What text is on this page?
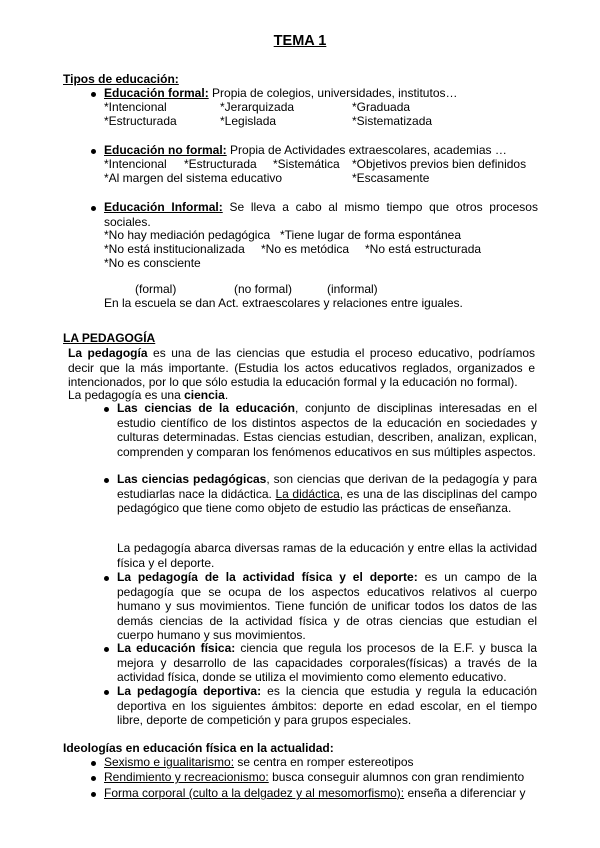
TEMA 1
Tipos de educación:
Educación formal: Propia de colegios, universidades, institutos…
*Intencional	*Jerarquizada	*Graduada
*Estructurada	*Legislada	*Sistematizada
Educación no formal: Propia de Actividades extraescolares, academias …
*Intencional *Estructurada *Sistemática *Objetivos previos bien definidos
*Al margen del sistema educativo	*Escasamente
Educación Informal: Se lleva a cabo al mismo tiempo que otros procesos sociales.
*No hay mediación pedagógica *Tiene lugar de forma espontánea
*No está institucionalizada *No es metódica *No está estructurada
*No es consciente
(formal)	(no formal)	(informal)
En la escuela se dan Act. extraescolares y relaciones entre iguales.
LA PEDAGOGÍA
La pedagogía es una de las ciencias que estudia el proceso educativo, podríamos decir que la más importante. (Estudia los actos educativos reglados, organizados e intencionados, por lo que sólo estudia la educación formal y la educación no formal).
La pedagogía es una ciencia.
Las ciencias de la educación, conjunto de disciplinas interesadas en el estudio científico de los distintos aspectos de la educación en sociedades y culturas determinadas. Estas ciencias estudian, describen, analizan, explican, comprenden y comparan los fenómenos educativos en sus múltiples aspectos.
Las ciencias pedagógicas, son ciencias que derivan de la pedagogía y para estudiarlas nace la didáctica. La didáctica, es una de las disciplinas del campo pedagógico que tiene como objeto de estudio las prácticas de enseñanza.
La pedagogía abarca diversas ramas de la educación y entre ellas la actividad física y el deporte.
La pedagogía de la actividad física y el deporte: es un campo de la pedagogía que se ocupa de los aspectos educativos relativos al cuerpo humano y sus movimientos. Tiene función de unificar todos los datos de las demás ciencias de la actividad física y de otras ciencias que estudian el cuerpo humano y sus movimientos.
La educación física: ciencia que regula los procesos de la E.F. y busca la mejora y desarrollo de las capacidades corporales(físicas) a través de la actividad física, donde se utiliza el movimiento como elemento educativo.
La pedagogía deportiva: es la ciencia que estudia y regula la educación deportiva en los siguientes ámbitos: deporte en edad escolar, en el tiempo libre, deporte de competición y para grupos especiales.
Ideologías en educación física en la actualidad:
Sexismo e igualitarismo: se centra en romper estereotipos
Rendimiento y recreacionismo: busca conseguir alumnos con gran rendimiento
Forma corporal (culto a la delgadez y al mesomorfismo): enseña a diferenciar y
